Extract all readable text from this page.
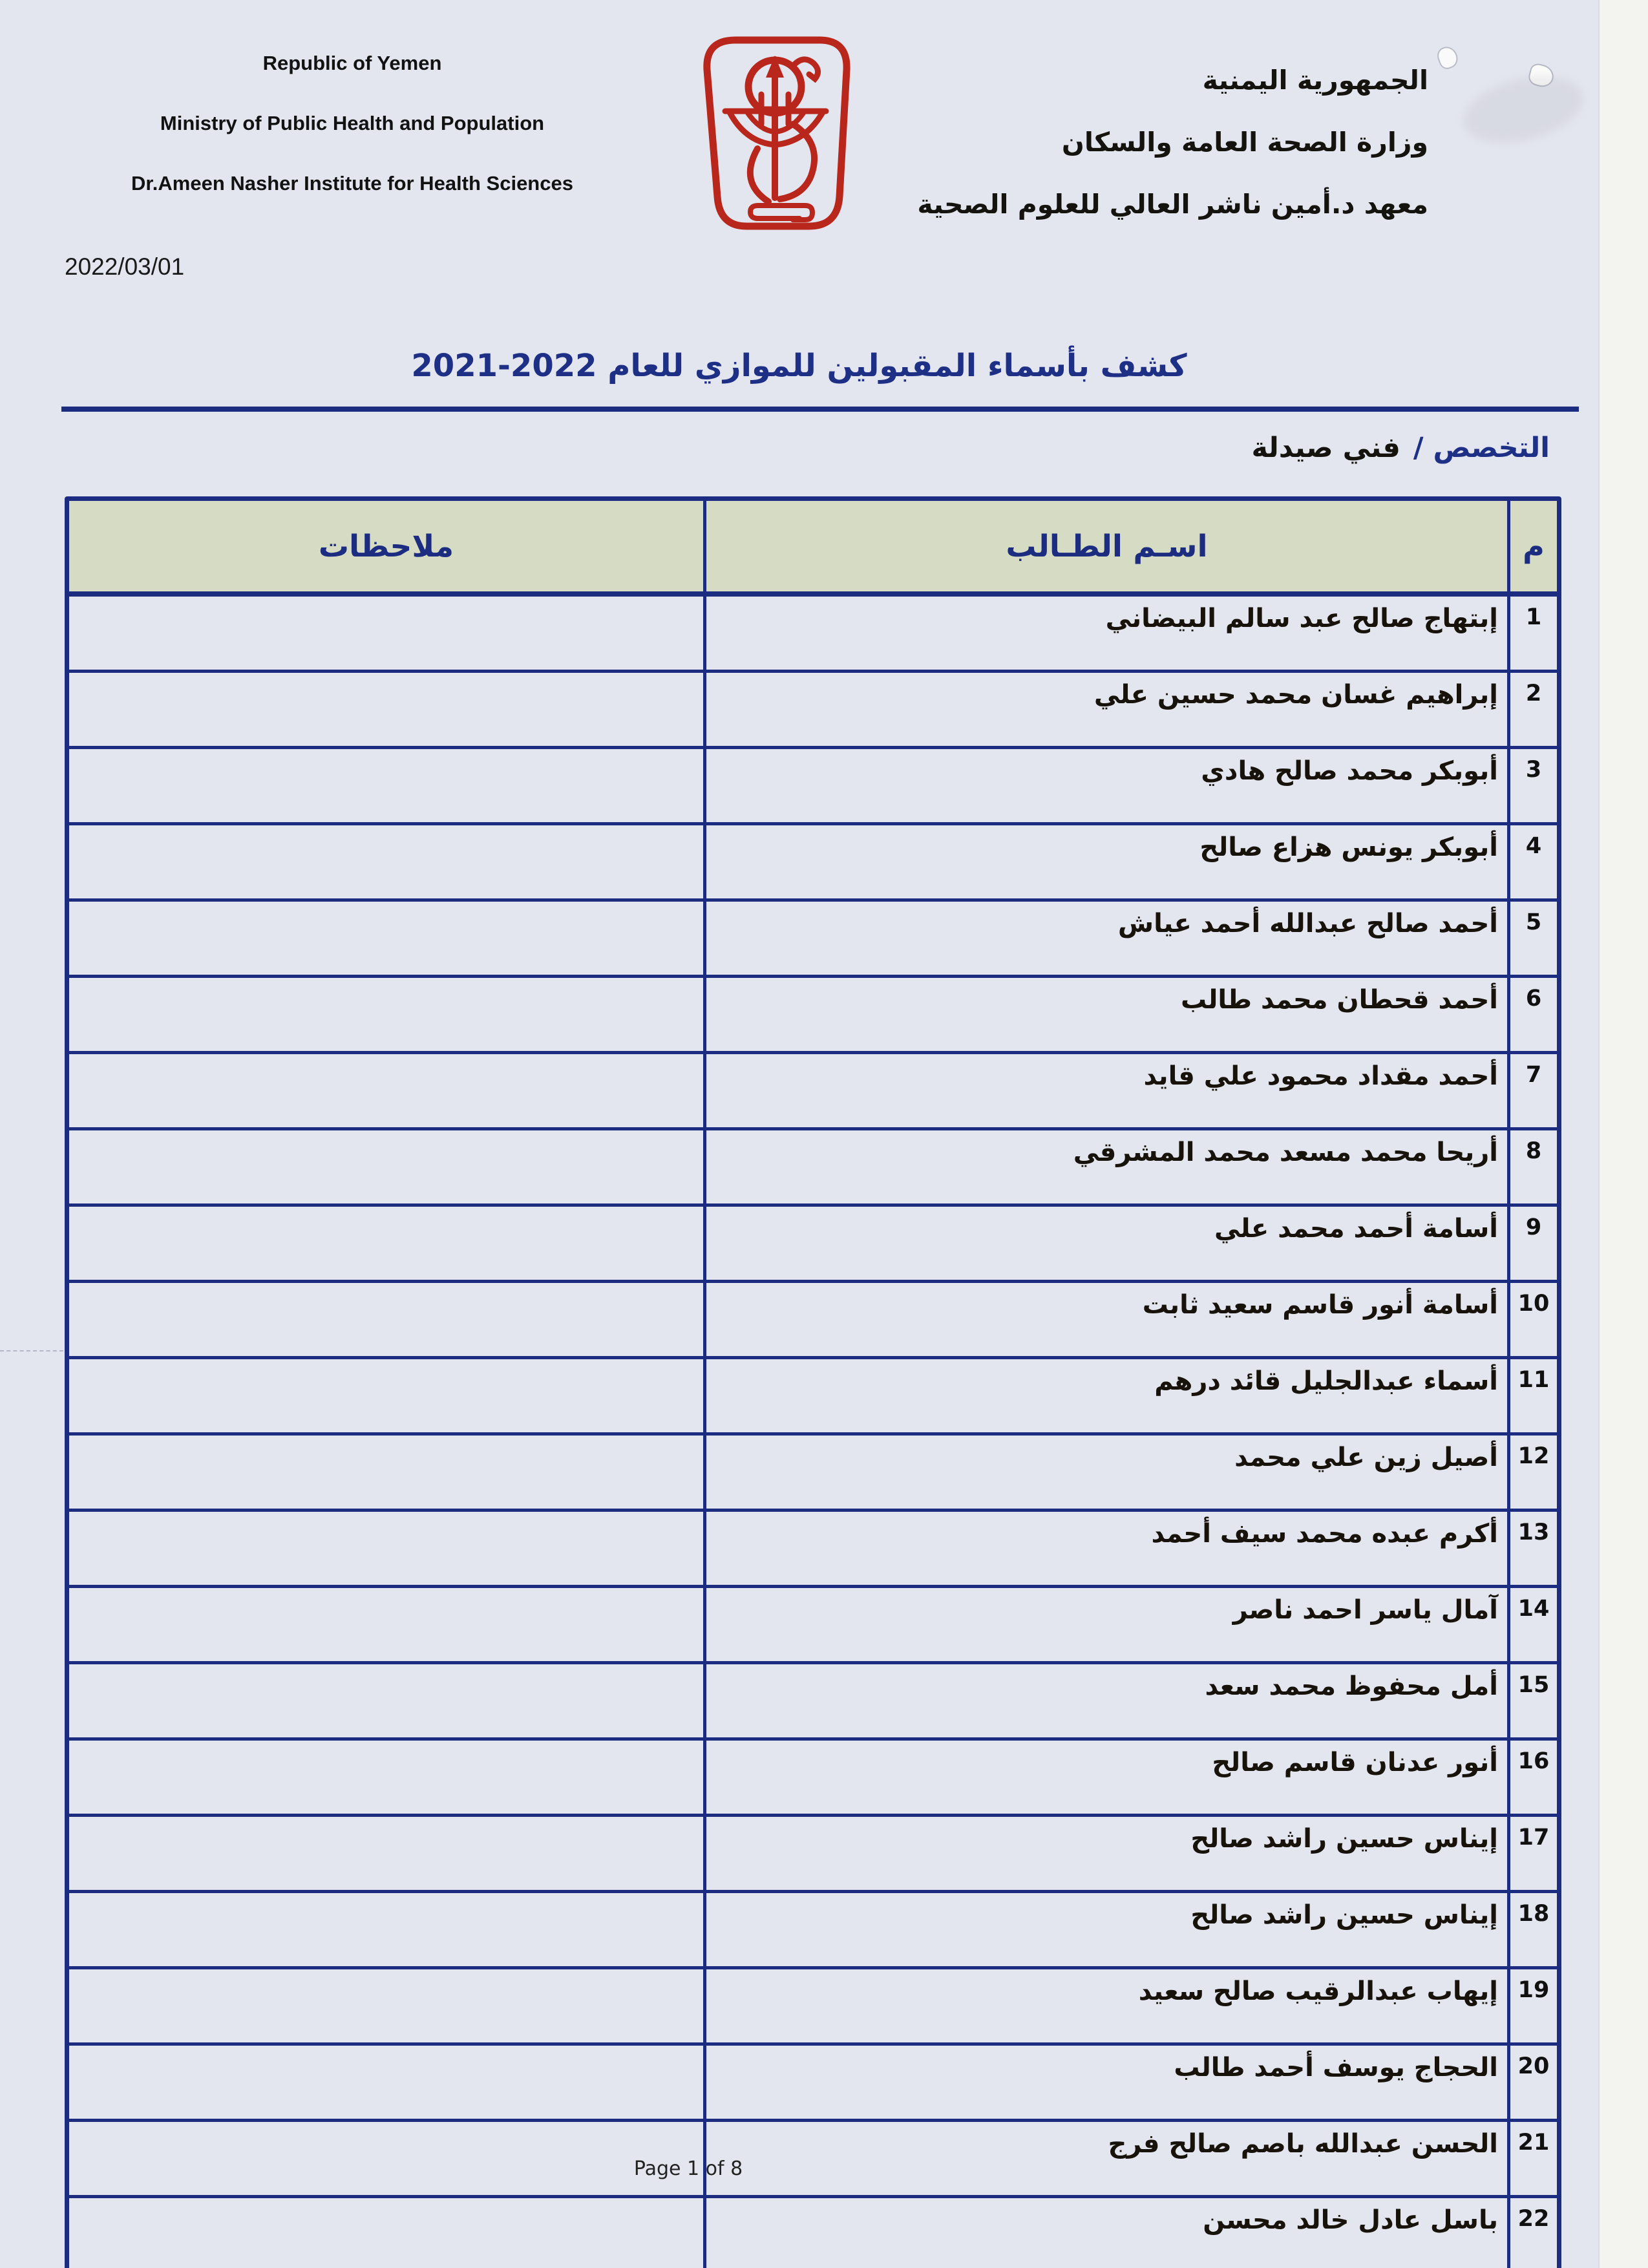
Republic of Yemen
Ministry of Public Health and Population
Dr.Ameen Nasher Institute for Health Sciences
الجمهورية اليمنية
وزارة الصحة العامة والسكان
معهد د.أمين ناشر العالي للعلوم الصحية
2022/03/01
كشف بأسماء المقبولين للموازي للعام 2022-2021
التخصص /فني صيدلة
م	اسـم الطـالب	ملاحظات
1	إبتهاج صالح عبد سالم البيضاني	
2	إبراهيم غسان محمد حسين علي	
3	أبوبكر محمد صالح هادي	
4	أبوبكر يونس هزاع صالح	
5	أحمد صالح عبدالله أحمد عياش	
6	أحمد قحطان محمد طالب	
7	أحمد مقداد محمود علي قايد	
8	أريحا محمد مسعد محمد المشرقي	
9	أسامة أحمد محمد علي	
10	أسامة أنور قاسم سعيد ثابت	
11	أسماء عبدالجليل قائد درهم	
12	أصيل زين علي محمد	
13	أكرم عبده محمد سيف أحمد	
14	آمال ياسر احمد ناصر	
15	أمل محفوظ محمد سعد	
16	أنور عدنان قاسم صالح	
17	إيناس حسين راشد صالح	
18	إيناس حسين راشد صالح	
19	إيهاب عبدالرقيب صالح سعيد	
20	الحجاج يوسف أحمد طالب	
21	الحسن عبدالله باصم صالح فرج	
22	باسل عادل خالد محسن	

Page 1 of 8
